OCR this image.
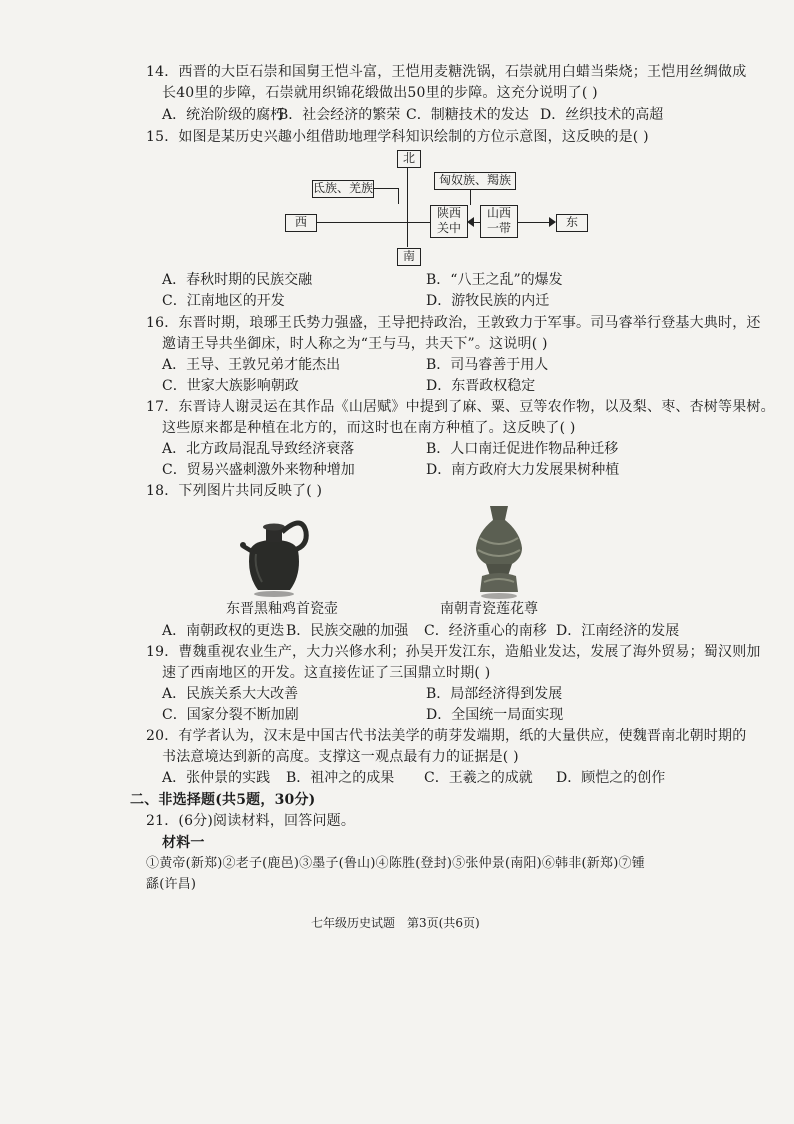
14．西晋的大臣石崇和国舅王恺斗富，王恺用麦糖洗锅，石崇就用白蜡当柴烧；王恺用丝绸做成
长40里的步障，石崇就用织锦花缎做出50里的步障。这充分说明了( )
A．统治阶级的腐朽
B．社会经济的繁荣 C．制糖技术的发达 D．丝织技术的高超
15．如图是某历史兴趣小组借助地理学科知识绘制的方位示意图，这反映的是( )
北
南
西	东
氐族、羌族
匈奴族、羯族
陕西
关中
山西
一带
A．春秋时期的民族交融	B．“八王之乱”的爆发
C．江南地区的开发	D．游牧民族的内迁
16．东晋时期，琅琊王氏势力强盛，王导把持政治，王敦致力于军事。司马睿举行登基大典时，还
邀请王导共坐御床，时人称之为“王与马，共天下”。这说明( )
A．王导、王敦兄弟才能杰出	B．司马睿善于用人
C．世家大族影响朝政	D．东晋政权稳定
17．东晋诗人谢灵运在其作品《山居赋》中提到了麻、粟、豆等农作物，以及梨、枣、杏树等果树。
这些原来都是种植在北方的，而这时也在南方种植了。这反映了( )
A．北方政局混乱导致经济衰落	B．人口南迁促进作物品种迁移
C．贸易兴盛刺激外来物种增加	D．南方政府大力发展果树种植
18．下列图片共同反映了( )
东晋黑釉鸡首瓷壶	南朝青瓷莲花尊
A．南朝政权的更迭 B．民族交融的加强 C．经济重心的南移 D．江南经济的发展
19．曹魏重视农业生产，大力兴修水利；孙吴开发江东，造船业发达，发展了海外贸易；蜀汉则加
速了西南地区的开发。这直接佐证了三国鼎立时期( )
A．民族关系大大改善	B．局部经济得到发展
C．国家分裂不断加剧	D．全国统一局面实现
20．有学者认为，汉末是中国古代书法美学的萌芽发端期，纸的大量供应，使魏晋南北朝时期的
书法意境达到新的高度。支撑这一观点最有力的证据是( )
A．张仲景的实践 B．祖冲之的成果 C．王羲之的成就 D．顾恺之的创作
二、非选择题(共5题，30分)
21．(6分)阅读材料，回答问题。
材料一
①黄帝(新郑)②老子(鹿邑)③墨子(鲁山)④陈胜(登封)⑤张仲景(南阳)⑥韩非(新郑)⑦锺
繇(许昌)
七年级历史试题　第3页(共6页)
